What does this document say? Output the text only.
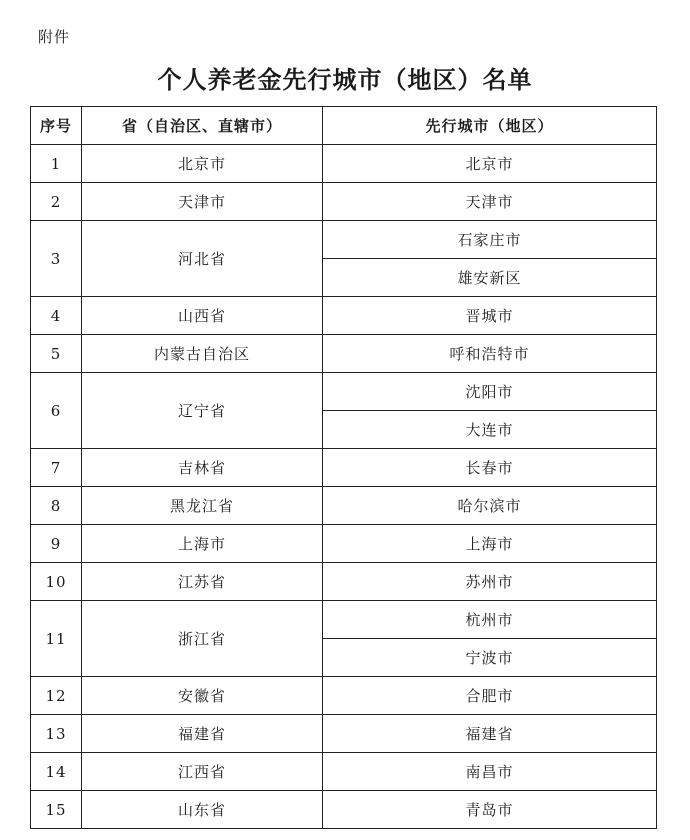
附件
个人养老金先行城市（地区）名单
序号	省（自治区、直辖市）	先行城市（地区）
1	北京市	北京市
2	天津市	天津市
3	河北省	石家庄市
		雄安新区
4	山西省	晋城市
5	内蒙古自治区	呼和浩特市
6	辽宁省	沈阳市
		大连市
7	吉林省	长春市
8	黑龙江省	哈尔滨市
9	上海市	上海市
10	江苏省	苏州市
11	浙江省	杭州市
		宁波市
12	安徽省	合肥市
13	福建省	福建省
14	江西省	南昌市
15	山东省	青岛市
